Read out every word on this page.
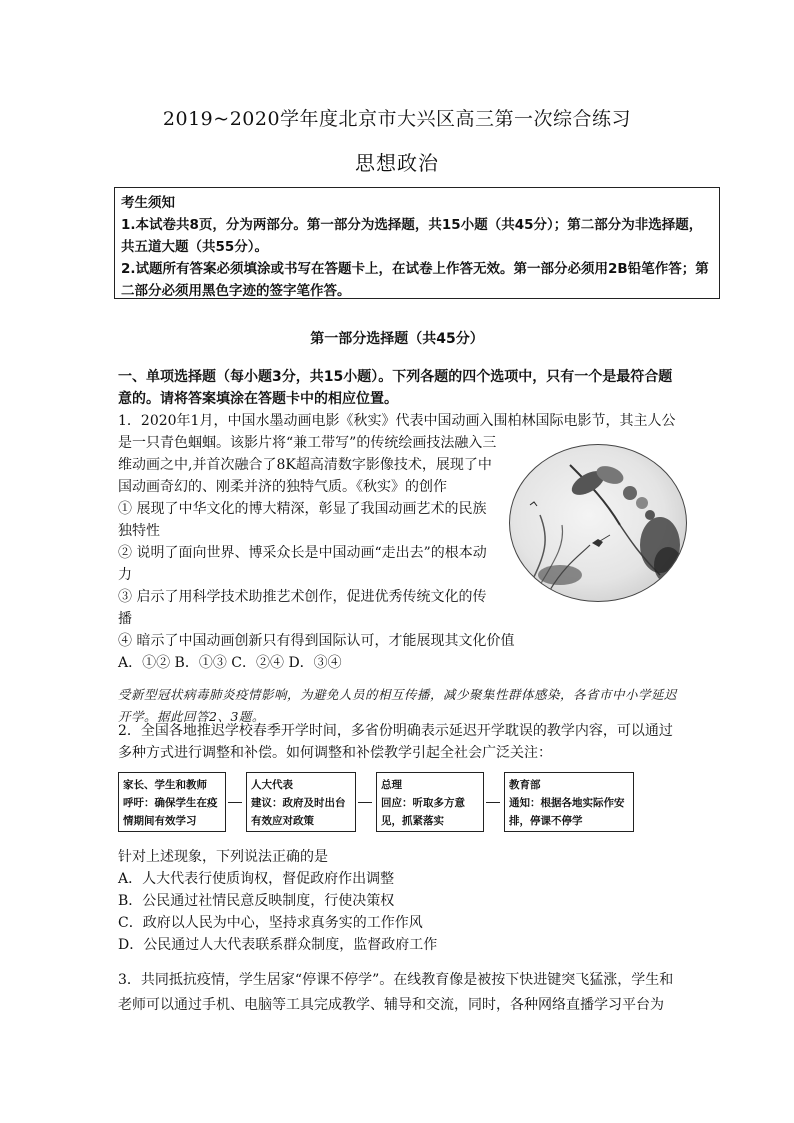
2019~2020学年度北京市大兴区高三第一次综合练习
思想政治

考生须知

1.本试卷共8页，分为两部分。第一部分为选择题，共15小题（共45分）；第二部分为非选择题，共五道大题（共55分）。

2.试题所有答案必须填涂或书写在答题卡上，在试卷上作答无效。第一部分必须用2B铅笔作答；第二部分必须用黑色字迹的签字笔作答。

第一部分选择题（共45分）
一、单项选择题（每小题3分，共15小题）。下列各题的四个选项中，只有一个是最符合题意的。请将答案填涂在答题卡中的相应位置。

1．2020年1月，中国水墨动画电影《秋实》代表中国动画入围柏林国际电影节，其主人公

是一只青色蝈蝈。该影片将“兼工带写”的传统绘画技法融入三

维动画之中,并首次融合了8K超高清数字影像技术，展现了中

国动画奇幻的、刚柔并济的独特气质。《秋实》的创作

① 展现了中华文化的博大精深，彰显了我国动画艺术的民族独特性

② 说明了面向世界、博采众长是中国动画“走出去”的根本动力

③ 启示了用科学技术助推艺术创作，促进优秀传统文化的传播

④ 暗示了中国动画创新只有得到国际认可，才能展现其文化价值

A．①② B．①③ C．②④ D．③④

受新型冠状病毒肺炎疫情影响，为避免人员的相互传播，减少聚集性群体感染，各省市中小学延迟开学。据此回答2、3题。
2．全国各地推迟学校春季开学时间，多省份明确表示延迟开学耽误的教学内容，可以通过多种方式进行调整和补偿。如何调整和补偿教学引起全社会广泛关注：
家长、学生和教师
呼吁：确保学生在疫情期间有效学习
人大代表
建议：政府及时出台有效应对政策
总理
回应：听取多方意见，抓紧落实
教育部
通知：根据各地实际作安排，停课不停学

针对上述现象，下列说法正确的是

A．人大代表行使质询权，督促政府作出调整

B．公民通过社情民意反映制度，行使决策权

C．政府以人民为中心，坚持求真务实的工作作风

D．公民通过人大代表联系群众制度，监督政府工作

3．共同抵抗疫情，学生居家“停课不停学”。在线教育像是被按下快进键突飞猛涨，学生和老师可以通过手机、电脑等工具完成教学、辅导和交流，同时，各种网络直播学习平台为
